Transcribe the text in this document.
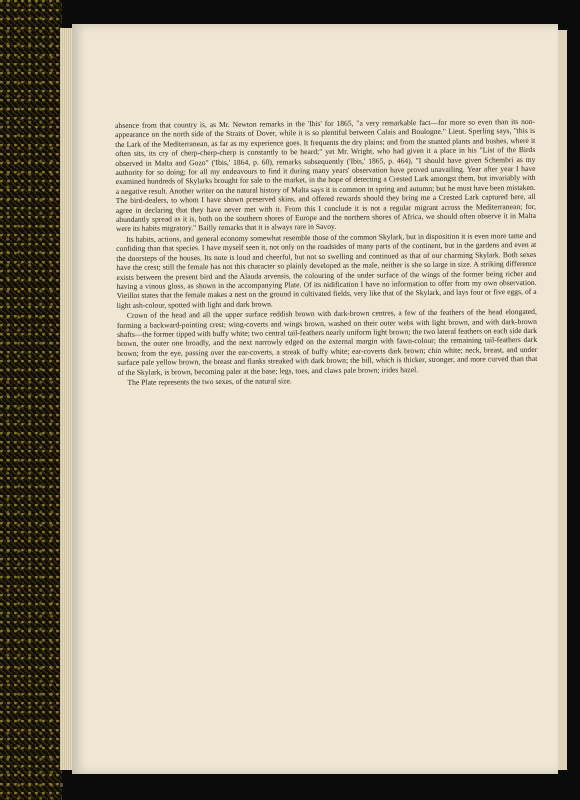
absence from that country is, as Mr. Newton remarks in the 'Ibis' for 1865, "a very remarkable fact—for more so even than its non-appearance on the north side of the Straits of Dover, while it is so plentiful between Calais and Boulogne." Lieut. Sperling says, "this is the Lark of the Mediterranean, as far as my experience goes. It frequents the dry plains; and from the stunted plants and bushes, where it often sits, its cry of cherp-cherp-cherp is constantly to be heard;" yet Mr. Wright, who had given it a place in his "List of the Birds observed in Malta and Gozo" ('Ibis,' 1864, p. 60), remarks subsequently ('Ibis,' 1865, p. 464), "I should have given Schembri as my authority for so doing; for all my endeavours to find it during many years' observation have proved unavailing. Year after year I have examined hundreds of Skylarks brought for sale to the market, in the hope of detecting a Crested Lark amongst them, but invariably with a negative result. Another writer on the natural history of Malta says it is common in spring and autumn; but he must have been mistaken. The bird-dealers, to whom I have shown preserved skins, and offered rewards should they bring me a Crested Lark captured here, all agree in declaring that they have never met with it. From this I conclude it is not a regular migrant across the Mediterranean; for, abundantly spread as it is, both on the southern shores of Europe and the northern shores of Africa, we should often observe it in Malta were its habits migratory." Bailly remarks that it is always rare in Savoy.

Its habits, actions, and general economy somewhat resemble those of the common Skylark, but in disposition it is even more tame and confiding than that species. I have myself seen it, not only on the roadsides of many parts of the continent, but in the gardens and even at the doorsteps of the houses. Its note is loud and cheerful, but not so swelling and continued as that of our charming Skylark. Both sexes have the crest; still the female has not this character so plainly developed as the male, neither is she so large in size. A striking difference exists between the present bird and the Alauda arvensis, the colouring of the under surface of the wings of the former being richer and having a vinous gloss, as shown in the accompanying Plate. Of its nidification I have no information to offer from my own observation. Vieillot states that the female makes a nest on the ground in cultivated fields, very like that of the Skylark, and lays four or five eggs, of a light ash-colour, spotted with light and dark brown.

Crown of the head and all the upper surface reddish brown with dark-brown centres, a few of the feathers of the head elongated, forming a backward-pointing crest; wing-coverts and wings brown, washed on their outer webs with light brown, and with dark-brown shafts—the former tipped with buffy white; two central tail-feathers nearly uniform light brown; the two lateral feathers on each side dark brown, the outer one broadly, and the next narrowly edged on the external margin with fawn-colour; the remaining tail-feathers dark brown; from the eye, passing over the ear-coverts, a streak of buffy white; ear-coverts dark brown; chin white; neck, breast, and under surface pale yellow brown, the breast and flanks streaked with dark brown; the bill, which is thicker, stronger, and more curved than that of the Skylark, is brown, becoming paler at the base; legs, toes, and claws pale brown; irides hazel.

The Plate represents the two sexes, of the natural size.
